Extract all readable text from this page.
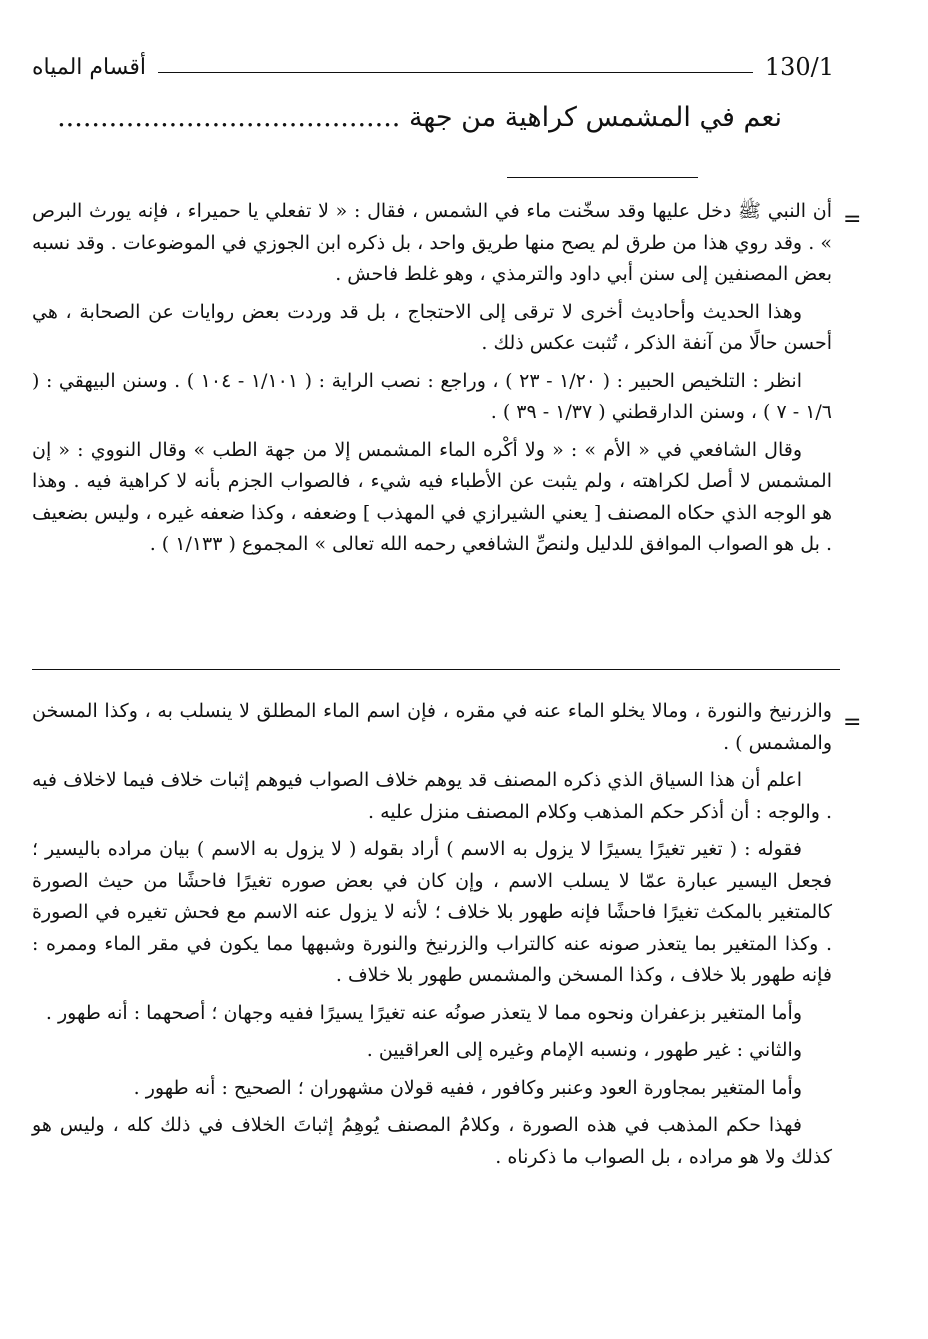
130/1
أقسام المياه
نعم في المشمس كراهية من جهة ........................................
=

أن النبي ﷺ دخل عليها وقد سخّنت ماء في الشمس ، فقال : « لا تفعلي يا حميراء ، فإنه يورث البرص » . وقد روي هذا من طرق لم يصح منها طريق واحد ، بل ذكره ابن الجوزي في الموضوعات . وقد نسبه بعض المصنفين إلى سنن أبي داود والترمذي ، وهو غلط فاحش .

وهذا الحديث وأحاديث أخرى لا ترقى إلى الاحتجاج ، بل قد وردت بعض روايات عن الصحابة ، هي أحسن حالًا من آنفة الذكر ، تُثبت عكس ذلك .

انظر : التلخيص الحبير : ( ١/٢٠ - ٢٣ ) ، وراجع : نصب الراية : ( ١/١٠١ - ١٠٤ ) . وسنن البيهقي : ( ١/٦ - ٧ ) ، وسنن الدارقطني ( ١/٣٧ - ٣٩ ) .

وقال الشافعي في « الأم » : « ولا أكْره الماء المشمس إلا من جهة الطب » وقال النووي : « إن المشمس لا أصل لكراهته ، ولم يثبت عن الأطباء فيه شيء ، فالصواب الجزم بأنه لا كراهية فيه . وهذا هو الوجه الذي حكاه المصنف [ يعني الشيرازي في المهذب ] وضعفه ، وكذا ضعفه غيره ، وليس بضعيف . بل هو الصواب الموافق للدليل ولنصِّ الشافعي رحمه الله تعالى » المجموع ( ١/١٣٣ ) .

=

والزرنيخ والنورة ، ومالا يخلو الماء عنه في مقره ، فإن اسم الماء المطلق لا ينسلب به ، وكذا المسخن والمشمس ) .

اعلم أن هذا السياق الذي ذكره المصنف قد يوهم خلاف الصواب فيوهم إثبات خلاف فيما لاخلاف فيه . والوجه : أن أذكر حكم المذهب وكلام المصنف منزل عليه .

فقوله : ( تغير تغيرًا يسيرًا لا يزول به الاسم ) أراد بقوله ( لا يزول به الاسم ) بيان مراده باليسير ؛ فجعل اليسير عبارة عمّا لا يسلب الاسم ، وإن كان في بعض صوره تغيرًا فاحشًا من حيث الصورة كالمتغير بالمكث تغيرًا فاحشًا فإنه طهور بلا خلاف ؛ لأنه لا يزول عنه الاسم مع فحش تغيره في الصورة . وكذا المتغير بما يتعذر صونه عنه كالتراب والزرنيخ والنورة وشبهها مما يكون في مقر الماء وممره : فإنه طهور بلا خلاف ، وكذا المسخن والمشمس طهور بلا خلاف .

وأما المتغير بزعفران ونحوه مما لا يتعذر صونُه عنه تغيرًا يسيرًا ففيه وجهان ؛ أصحهما : أنه طهور .

والثاني : غير طهور ، ونسبه الإمام وغيره إلى العراقيين .

وأما المتغير بمجاورة العود وعنبر وكافور ، ففيه قولان مشهوران ؛ الصحيح : أنه طهور .

فهذا حكم المذهب في هذه الصورة ، وكلامُ المصنف يُوهِمُ إثباتَ الخلاف في ذلك كله ، وليس هو كذلك ولا هو مراده ، بل الصواب ما ذكرناه .
